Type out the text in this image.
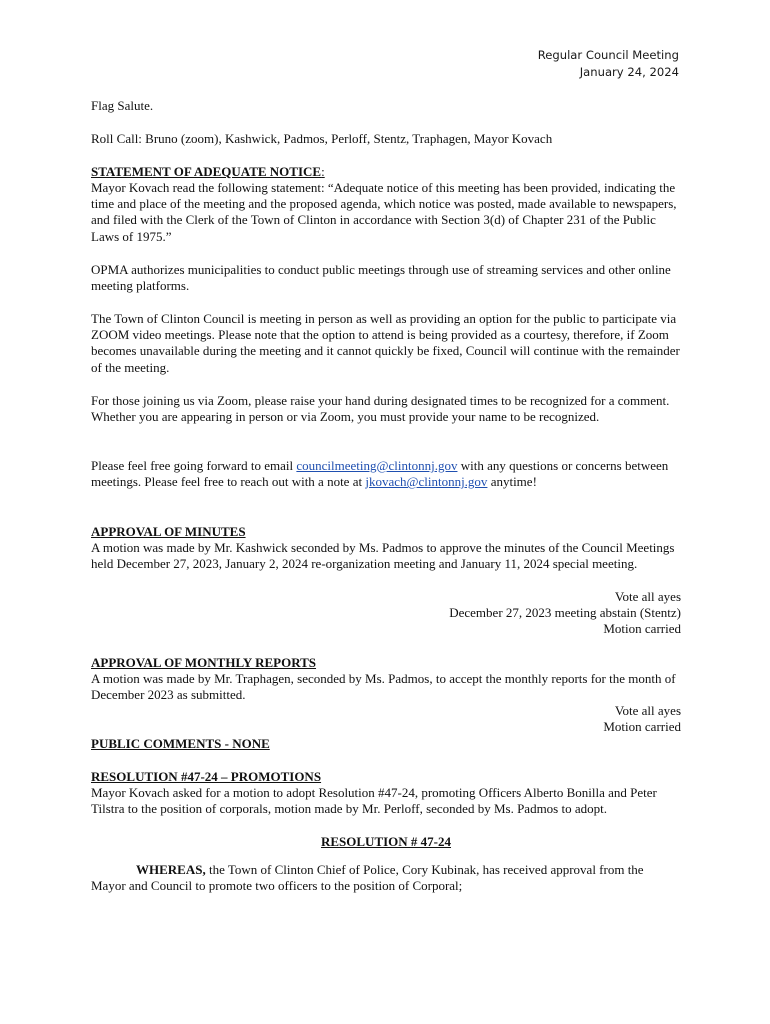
Regular Council Meeting
January 24, 2024

Flag Salute.

Roll Call: Bruno (zoom), Kashwick, Padmos, Perloff, Stentz, Traphagen, Mayor Kovach

STATEMENT OF ADEQUATE NOTICE:

Mayor Kovach read the following statement: “Adequate notice of this meeting has been provided, indicating the time and place of the meeting and the proposed agenda, which notice was posted, made available to newspapers, and filed with the Clerk of the Town of Clinton in accordance with Section 3(d) of Chapter 231 of the Public Laws of 1975.”

OPMA authorizes municipalities to conduct public meetings through use of streaming services and other online meeting platforms.

The Town of Clinton Council is meeting in person as well as providing an option for the public to participate via ZOOM video meetings. Please note that the option to attend is being provided as a courtesy, therefore, if Zoom becomes unavailable during the meeting and it cannot quickly be fixed, Council will continue with the remainder of the meeting.

For those joining us via Zoom, please raise your hand during designated times to be recognized for a comment. Whether you are appearing in person or via Zoom, you must provide your name to be recognized.

Please feel free going forward to email councilmeeting@clintonnj.gov with any questions or concerns between meetings. Please feel free to reach out with a note at jkovach@clintonnj.gov anytime!

APPROVAL OF MINUTES

A motion was made by Mr. Kashwick seconded by Ms. Padmos to approve the minutes of the Council Meetings held December 27, 2023, January 2, 2024 re-organization meeting and January 11, 2024 special meeting.

Vote all ayes
December 27, 2023 meeting abstain (Stentz)
Motion carried
APPROVAL OF MONTHLY REPORTS

A motion was made by Mr. Traphagen, seconded by Ms. Padmos, to accept the monthly reports for the month of December 2023 as submitted.

Vote all ayes
Motion carried
PUBLIC COMMENTS - NONE
RESOLUTION #47-24 – PROMOTIONS

Mayor Kovach asked for a motion to adopt Resolution #47-24, promoting Officers Alberto Bonilla and Peter Tilstra to the position of corporals, motion made by Mr. Perloff, seconded by Ms. Padmos to adopt.

RESOLUTION # 47-24

WHEREAS, the Town of Clinton Chief of Police, Cory Kubinak, has received approval from the Mayor and Council to promote two officers to the position of Corporal;
